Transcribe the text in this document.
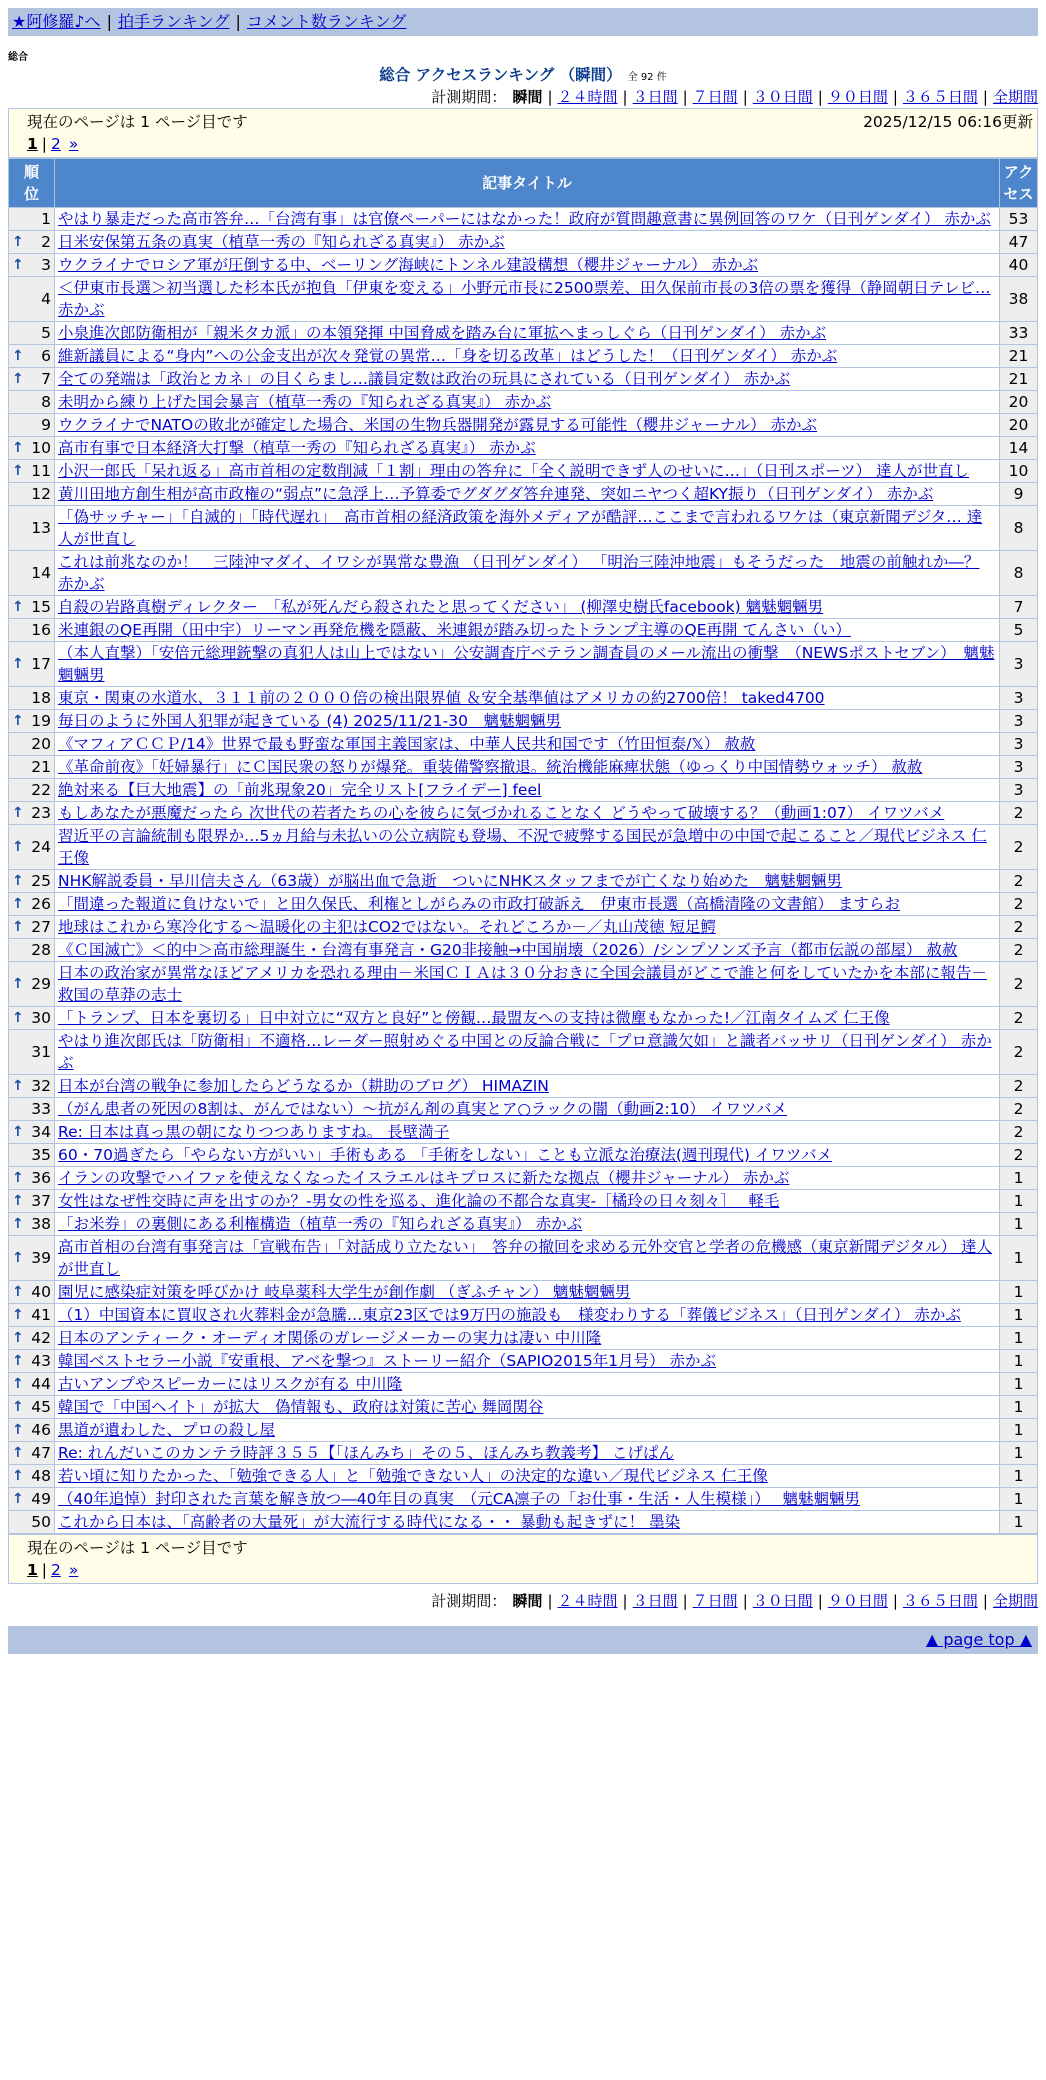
★阿修羅♪へ | 拍手ランキング | コメント数ランキング
総合
総合 アクセスランキング （瞬間） 全 92 件
計測期間： 瞬間 | ２４時間 | ３日間 | ７日間 | ３０日間 | ９０日間 | ３６５日間 | 全期間
現在のページは 1 ページ目です	2025/12/15 06:16更新
1 | 2 »
順位	記事タイトル	アクセス
1	やはり暴走だった高市答弁…「台湾有事」は官僚ペーパーにはなかった！政府が質問趣意書に異例回答のワケ（日刊ゲンダイ） 赤かぶ	53

↑ 2	日米安保第五条の真実（植草一秀の『知られざる真実』） 赤かぶ	47

↑ 3	ウクライナでロシア軍が圧倒する中、ベーリング海峡にトンネル建設構想（櫻井ジャーナル） 赤かぶ	40
4	＜伊東市長選＞初当選した杉本氏が抱負「伊東を変える」小野元市長に2500票差、田久保前市長の3倍の票を獲得（静岡朝日テレビ… 赤かぶ	38
5	小泉進次郎防衛相が「親米タカ派」の本領発揮 中国脅威を踏み台に軍拡へまっしぐら（日刊ゲンダイ） 赤かぶ	33

↑ 6	維新議員による“身内”への公金支出が次々発覚の異常…「身を切る改革」はどうした！（日刊ゲンダイ） 赤かぶ	21

↑ 7	全ての発端は「政治とカネ」の目くらまし…議員定数は政治の玩具にされている（日刊ゲンダイ） 赤かぶ	21
8	未明から練り上げた国会暴言（植草一秀の『知られざる真実』） 赤かぶ	20
9	ウクライナでNATOの敗北が確定した場合、米国の生物兵器開発が露見する可能性（櫻井ジャーナル） 赤かぶ	20

↑ 10	高市有事で日本経済大打撃（植草一秀の『知られざる真実』） 赤かぶ	14

↑ 11	小沢一郎氏「呆れ返る」高市首相の定数削減「１割」理由の答弁に「全く説明できず人のせいに…」（日刊スポーツ） 達人が世直し	10
12	黄川田地方創生相が高市政権の“弱点”に急浮上…予算委でグダグダ答弁連発、突如ニヤつく超KY振り（日刊ゲンダイ） 赤かぶ	9
13	「偽サッチャー」「自滅的」「時代遅れ」　高市首相の経済政策を海外メディアが酷評…ここまで言われるワケは（東京新聞デジタ… 達人が世直し	8
14	これは前兆なのか！　三陸沖マダイ、イワシが異常な豊漁 （日刊ゲンダイ） 「明治三陸沖地震」もそうだった　地震の前触れか―？ 赤かぶ	8

↑ 15	自殺の岩路真樹ディレクター　「私が死んだら殺されたと思ってください」 (柳澤史樹氏facebook) 魑魅魍魎男	7
16	米連銀のQE再開（田中宇）リーマン再発危機を隠蔽、米連銀が踏み切ったトランプ主導のQE再開 てんさい（い）	5

↑ 17	（本人直撃）「安倍元総理銃撃の真犯人は山上ではない」公安調査庁ベテラン調査員のメール流出の衝撃　（NEWSポストセブン）　魑魅魍魎男	3
18	東京・関東の水道水、３１１前の２０００倍の検出限界値 ＆安全基準値はアメリカの約2700倍！ taked4700	3

↑ 19	毎日のように外国人犯罪が起きている (4) 2025/11/21-30　魑魅魍魎男	3
20	《マフィアＣＣＰ/14》世界で最も野蛮な軍国主義国家は、中華人民共和国です（竹田恒泰/𝕏） 赦赦	3
21	《革命前夜》「妊婦暴行」にＣ国民衆の怒りが爆発。重装備警察撤退。統治機能麻痺状態（ゆっくり中国情勢ウォッチ） 赦赦	3
22	絶対来る【巨大地震】の「前兆現象20」完全リスト[フライデー] feel	3

↑ 23	もしあなたが悪魔だったら 次世代の若者たちの心を彼らに気づかれることなく どうやって破壊する？（動画1:07） イワツバメ	2

↑ 24	習近平の言論統制も限界か…5ヵ月給与未払いの公立病院も登場、不況で疲弊する国民が急増中の中国で起こること／現代ビジネス 仁王像	2

↑ 25	NHK解説委員・早川信夫さん（63歳）が脳出血で急逝　ついにNHKスタッフまでが亡くなり始めた　魑魅魍魎男	2

↑ 26	「間違った報道に負けないで」と田久保氏、利権としがらみの市政打破訴え　伊東市長選（高橋清隆の文書館） ますらお	2

↑ 27	地球はこれから寒冷化する～温暖化の主犯はCO2ではない。それどころか－／丸山茂徳 短足鰐	2
28	《Ｃ国滅亡》＜的中＞高市総理誕生・台湾有事発言・G20非接触→中国崩壊（2026）/シンプソンズ予言（都市伝説の部屋） 赦赦	2

↑ 29	日本の政治家が異常なほどアメリカを恐れる理由－米国ＣＩＡは３０分おきに全国会議員がどこで誰と何をしていたかを本部に報告－ 救国の草莽の志士	2

↑ 30	「トランプ、日本を裏切る」日中対立に“双方と良好”と傍観…最盟友への支持は微塵もなかった!／江南タイムズ 仁王像	2
31	やはり進次郎氏は「防衛相」不適格…レーダー照射めぐる中国との反論合戦に「プロ意識欠如」と識者バッサリ（日刊ゲンダイ） 赤かぶ	2

↑ 32	日本が台湾の戦争に参加したらどうなるか（耕助のブログ） HIMAZIN	2
33	（がん患者の死因の8割は、がんではない）～抗がん剤の真実とア○ラックの闇（動画2:10） イワツバメ	2

↑ 34	Re: 日本は真っ黒の朝になりつつありますね。 長壁満子	2
35	60・70過ぎたら「やらない方がいい」手術もある 「手術をしない」ことも立派な治療法(週刊現代) イワツバメ	2

↑ 36	イランの攻撃でハイファを使えなくなったイスラエルはキプロスに新たな拠点（櫻井ジャーナル） 赤かぶ	1

↑ 37	女性はなぜ性交時に声を出すのか？-男女の性を巡る、進化論の不都合な真実-［橘玲の日々刻々］　 軽毛	1

↑ 38	「お米券」の裏側にある利権構造（植草一秀の『知られざる真実』） 赤かぶ	1

↑ 39	高市首相の台湾有事発言は「宣戦布告」「対話成り立たない」　答弁の撤回を求める元外交官と学者の危機感（東京新聞デジタル） 達人が世直し	1

↑ 40	園児に感染症対策を呼びかけ 岐阜薬科大学生が創作劇 （ぎふチャン） 魑魅魍魎男	1

↑ 41	（1）中国資本に買収され火葬料金が急騰…東京23区では9万円の施設も　様変わりする「葬儀ビジネス」（日刊ゲンダイ） 赤かぶ	1

↑ 42	日本のアンティーク・オーディオ関係のガレージメーカーの実力は凄い 中川隆	1

↑ 43	韓国ベストセラー小説『安重根、アベを撃つ』ストーリー紹介（SAPIO2015年1月号） 赤かぶ	1

↑ 44	古いアンプやスピーカーにはリスクが有る 中川隆	1

↑ 45	韓国で「中国ヘイト」が拡大　偽情報も、政府は対策に苦心 舞岡関谷	1

↑ 46	黒道が遺わした、プロの殺し屋	1

↑ 47	Re: れんだいこのカンテラ時評３５５【「ほんみち」その５、ほんみち教義考】 こげぱん	1

↑ 48	若い頃に知りたかった、「勉強できる人」と「勉強できない人」の決定的な違い／現代ビジネス 仁王像	1

↑ 49	（40年追悼）封印された言葉を解き放つ―40年目の真実　（元CA凛子の「お仕事・生活・人生模様」）　 魑魅魍魎男	1
50	これから日本は、「高齢者の大量死」が大流行する時代になる・・ 暴動も起きずに！ 墨染	1
現在のページは 1 ページ目です
1 | 2 »
計測期間： 瞬間 | ２４時間 | ３日間 | ７日間 | ３０日間 | ９０日間 | ３６５日間 | 全期間
▲ page top ▲
